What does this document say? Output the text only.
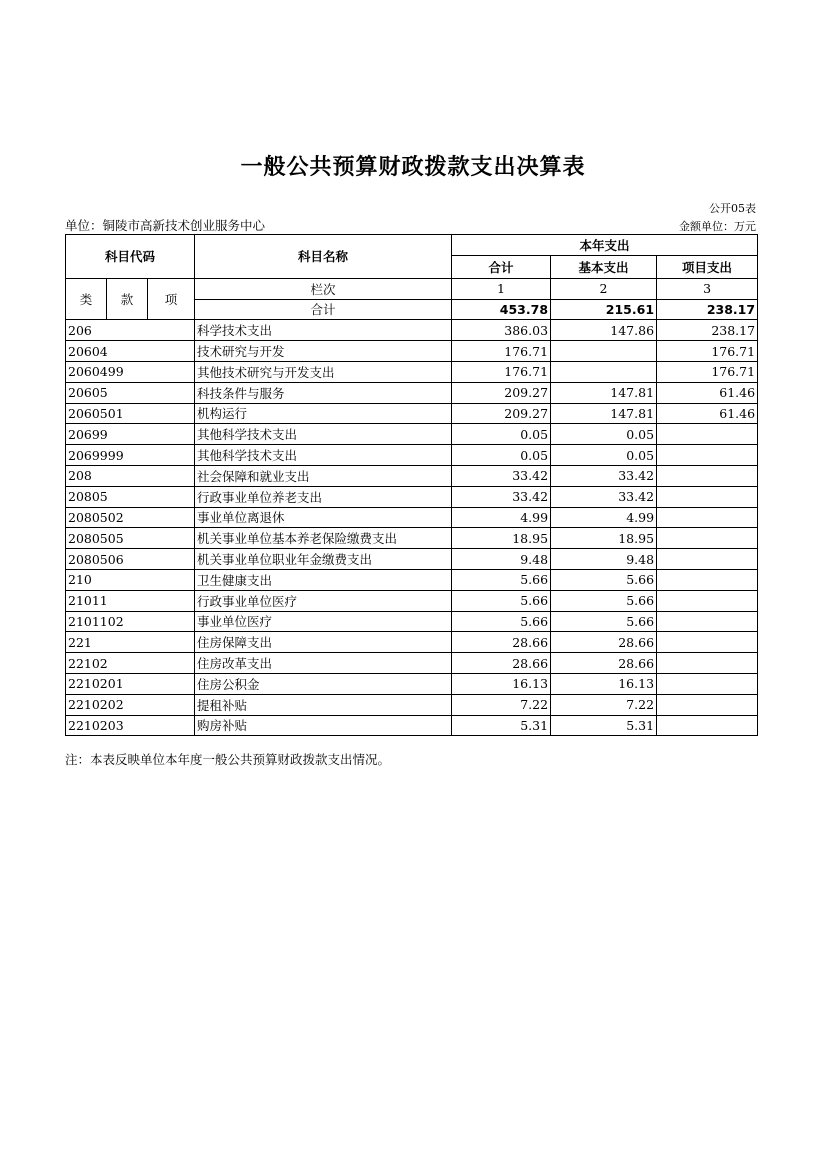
一般公共预算财政拨款支出决算表
公开05表
单位：铜陵市高新技术创业服务中心	金额单位：万元
科目代码			科目名称	本年支出		
				合计	基本支出	项目支出
类	款	项	栏次	1	2	3
			合计	453.78	215.61	238.17
206			科学技术支出	386.03	147.86	238.17
20604			技术研究与开发	176.71		176.71
2060499			其他技术研究与开发支出	176.71		176.71
20605			科技条件与服务	209.27	147.81	61.46
2060501			机构运行	209.27	147.81	61.46
20699			其他科学技术支出	0.05	0.05	
2069999			其他科学技术支出	0.05	0.05	
208			社会保障和就业支出	33.42	33.42	
20805			行政事业单位养老支出	33.42	33.42	
2080502			事业单位离退休	4.99	4.99	
2080505			机关事业单位基本养老保险缴费支出	18.95	18.95	
2080506			机关事业单位职业年金缴费支出	9.48	9.48	
210			卫生健康支出	5.66	5.66	
21011			行政事业单位医疗	5.66	5.66	
2101102			事业单位医疗	5.66	5.66	
221			住房保障支出	28.66	28.66	
22102			住房改革支出	28.66	28.66	
2210201			住房公积金	16.13	16.13	
2210202			提租补贴	7.22	7.22	
2210203			购房补贴	5.31	5.31	
注：本表反映单位本年度一般公共预算财政拨款支出情况。
